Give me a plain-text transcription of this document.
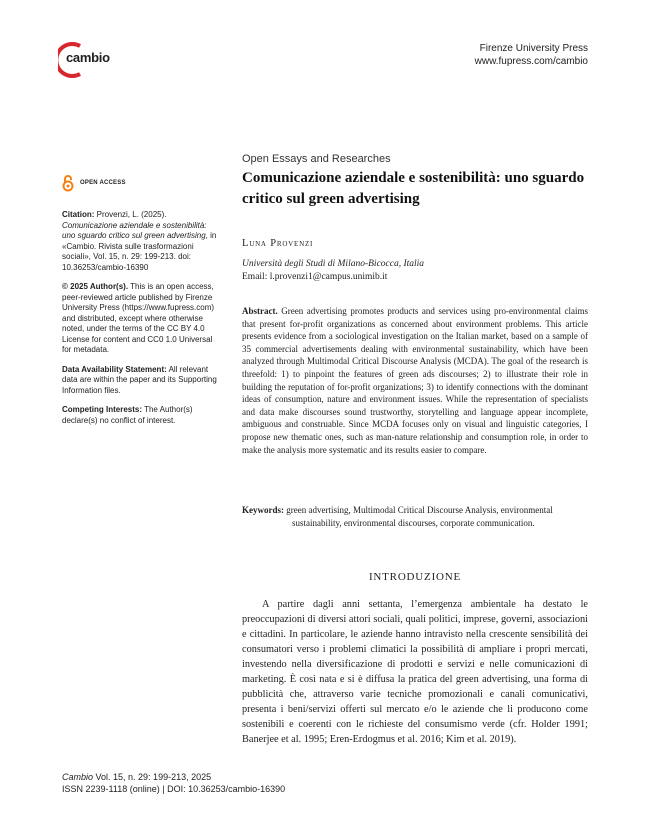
cambio
Firenze University Press
www.fupress.com/cambio
OPEN ACCESS

Citation: Provenzi, L. (2025). Comunicazione aziendale e sostenibilità: uno sguardo critico sul green advertising, in «Cambio. Rivista sulle trasformazioni sociali», Vol. 15, n. 29: 199-213. doi: 10.36253/cambio-16390

© 2025 Author(s). This is an open access, peer-reviewed article published by Firenze University Press (https://www.fupress.com) and distributed, except where otherwise noted, under the terms of the CC BY 4.0 License for content and CC0 1.0 Universal for metadata.

Data Availability Statement: All relevant data are within the paper and its Supporting Information files.

Competing Interests: The Author(s) declare(s) no conflict of interest.

Open Essays and Researches
Comunicazione aziendale e sostenibilità: uno sguardo critico sul green advertising
Luna Provenzi
Università degli Studi di Milano-Bicocca, Italia
Email: l.provenzi1@campus.unimib.it
Abstract. Green advertising promotes products and services using pro-environmental claims that present for-profit organizations as concerned about environment problems. This article presents evidence from a sociological investigation on the Italian market, based on a sample of 35 commercial advertisements dealing with environmental sustainability, which have been analyzed through Multimodal Critical Discourse Analysis (MCDA). The goal of the research is threefold: 1) to pinpoint the features of green ads discourses; 2) to illustrate their role in building the reputation of for-profit organizations; 3) to identify connections with the dominant ideas of consumption, nature and environment issues. While the representation of specialists and data make discourses sound trustworthy, storytelling and language appear incomplete, ambiguous and construable. Since MCDA focuses only on visual and linguistic categories, I propose new thematic ones, such as man-nature relationship and consumption role, in order to make the analysis more systematic and its results easier to compare.
Keywords: green advertising, Multimodal Critical Discourse Analysis, environmental sustainability, environmental discourses, corporate communication.
INTRODUZIONE
A partire dagli anni settanta, l’emergenza ambientale ha destato le preoccupazioni di diversi attori sociali, quali politici, imprese, governi, associazioni e cittadini. In particolare, le aziende hanno intravisto nella crescente sensibilità dei consumatori verso i problemi climatici la possibilità di ampliare i propri mercati, investendo nella diversificazione di prodotti e servizi e nelle comunicazioni di marketing. È così nata e si è diffusa la pratica del green advertising, una forma di pubblicità che, attraverso varie tecniche promozionali e canali comunicativi, presenta i beni/servizi offerti sul mercato e/o le aziende che li producono come sostenibili e coerenti con le richieste del consumismo verde (cfr. Holder 1991; Banerjee et al. 1995; Eren-Erdogmus et al. 2016; Kim et al. 2019).
Cambio Vol. 15, n. 29: 199-213, 2025
ISSN 2239-1118 (online) | DOI: 10.36253/cambio-16390
